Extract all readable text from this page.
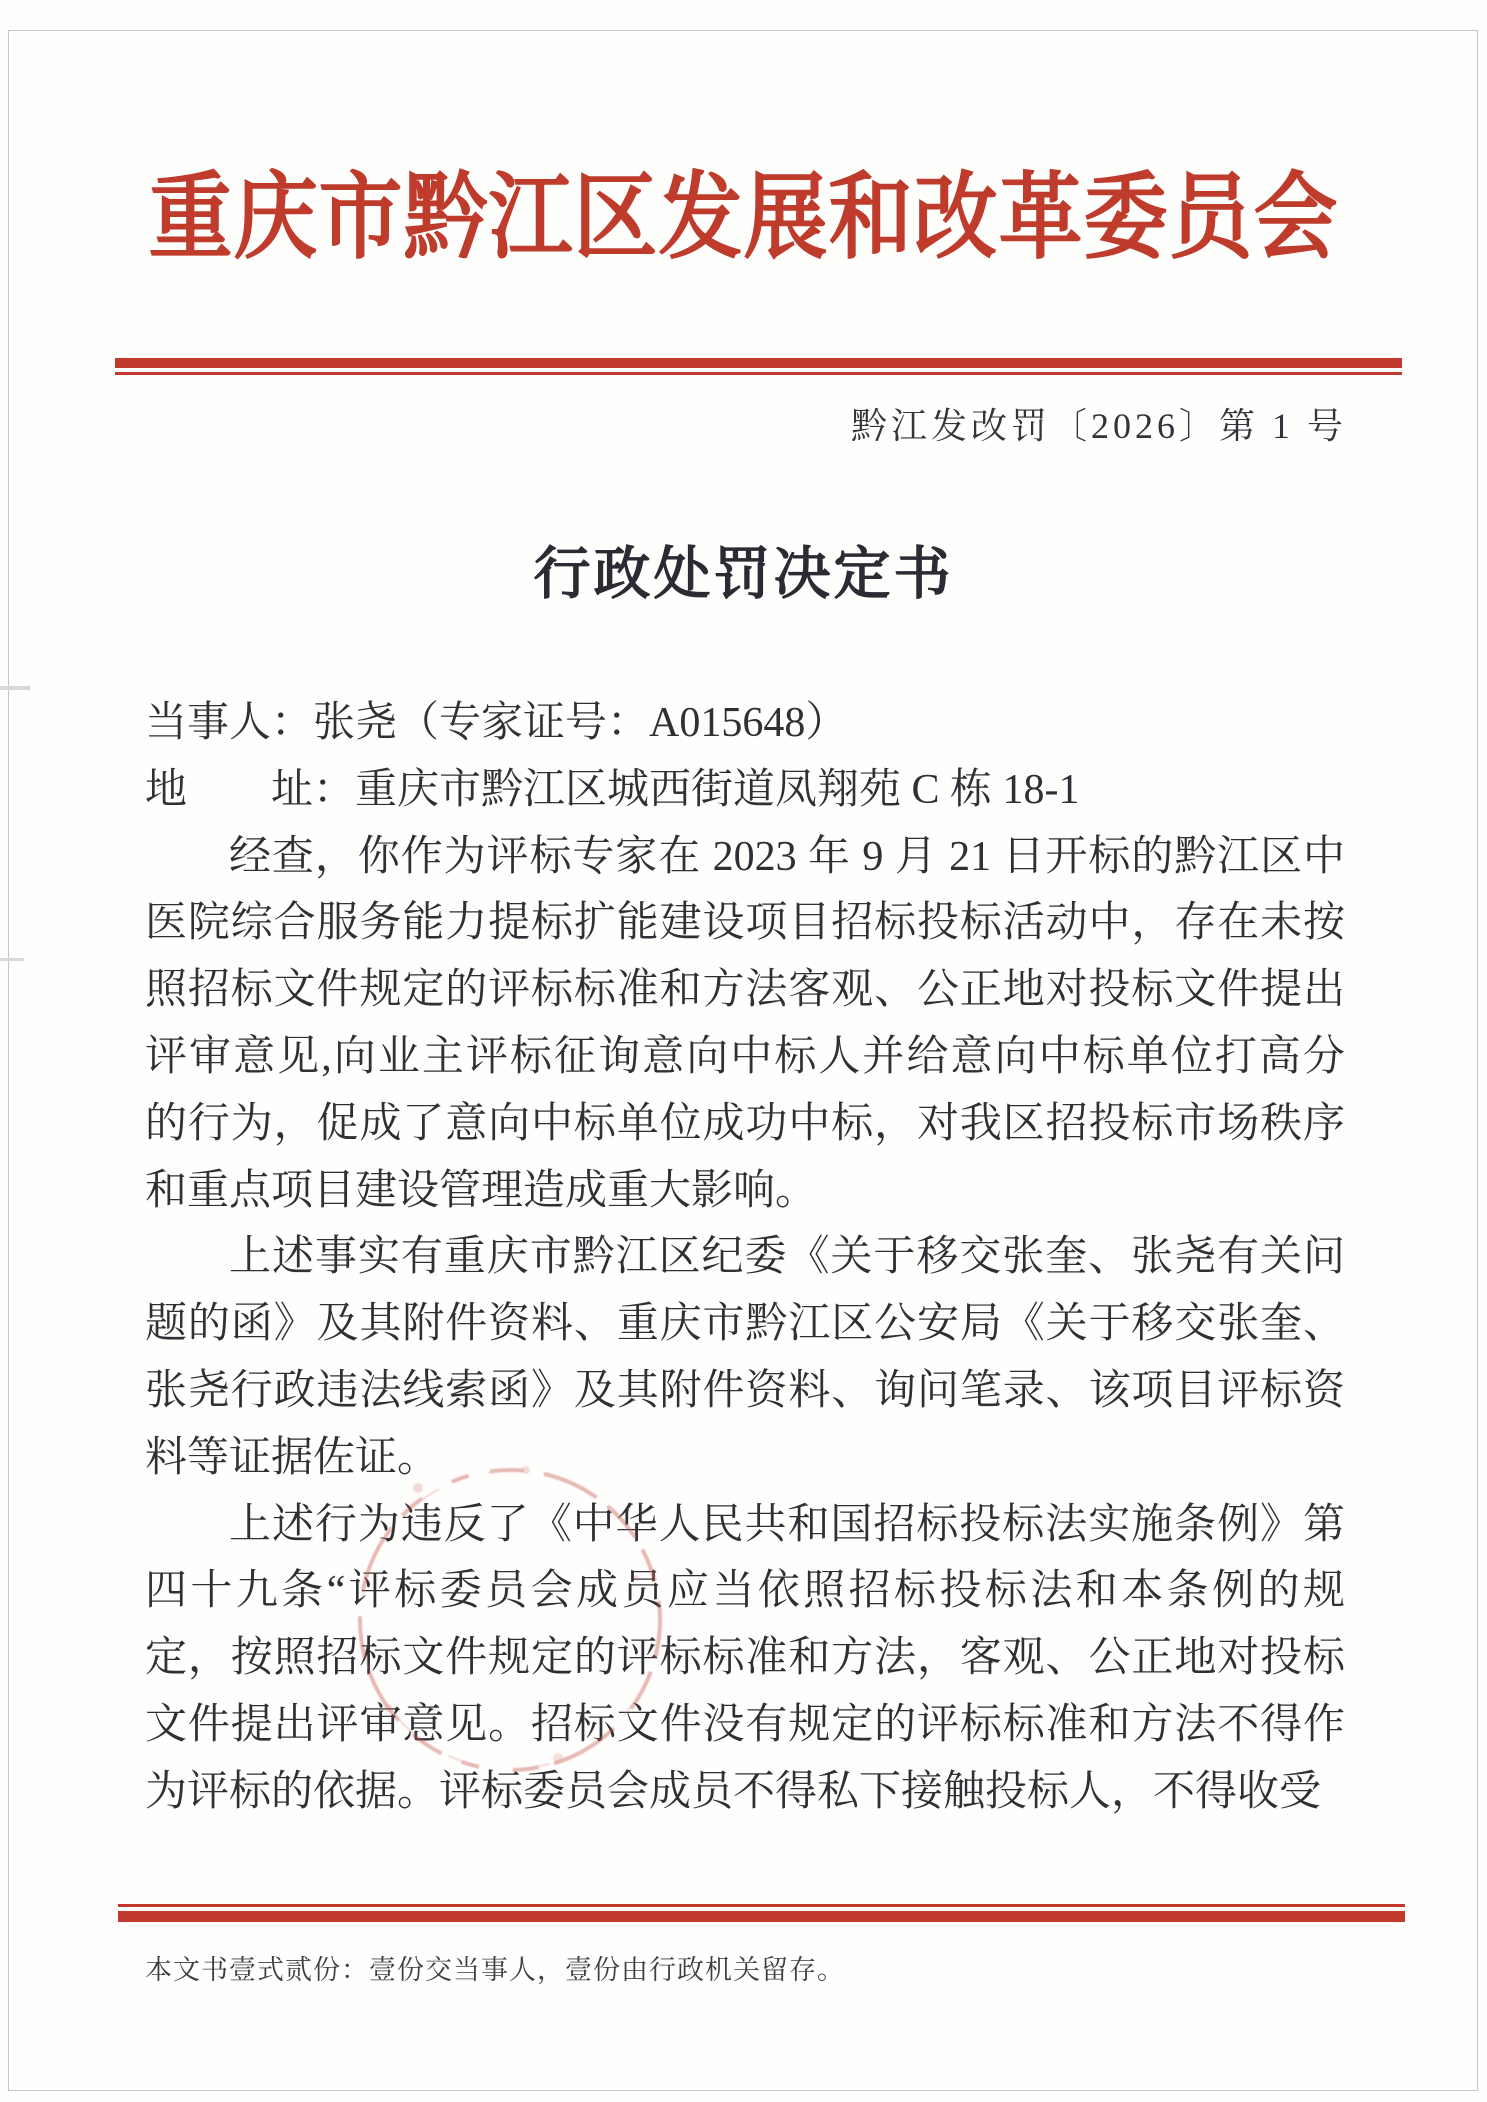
重庆市黔江区发展和改革委员会
黔江发改罚〔2026〕第 1 号
行政处罚决定书
当事人：张尧（专家证号：A015648）
地　　址：重庆市黔江区城西街道凤翔苑 C 栋 18-1
经查，你作为评标专家在 2023 年 9 月 21 日开标的黔江区中
医院综合服务能力提标扩能建设项目招标投标活动中，存在未按
照招标文件规定的评标标准和方法客观、公正地对投标文件提出
评审意见,向业主评标征询意向中标人并给意向中标单位打高分
的行为，促成了意向中标单位成功中标，对我区招投标市场秩序
和重点项目建设管理造成重大影响。
上述事实有重庆市黔江区纪委《关于移交张奎、张尧有关问
题的函》及其附件资料、重庆市黔江区公安局《关于移交张奎、
张尧行政违法线索函》及其附件资料、询问笔录、该项目评标资
料等证据佐证。
上述行为违反了《中华人民共和国招标投标法实施条例》第
四十九条“评标委员会成员应当依照招标投标法和本条例的规
定，按照招标文件规定的评标标准和方法，客观、公正地对投标
文件提出评审意见。招标文件没有规定的评标标准和方法不得作
为评标的依据。评标委员会成员不得私下接触投标人，不得收受
本文书壹式贰份：壹份交当事人，壹份由行政机关留存。
